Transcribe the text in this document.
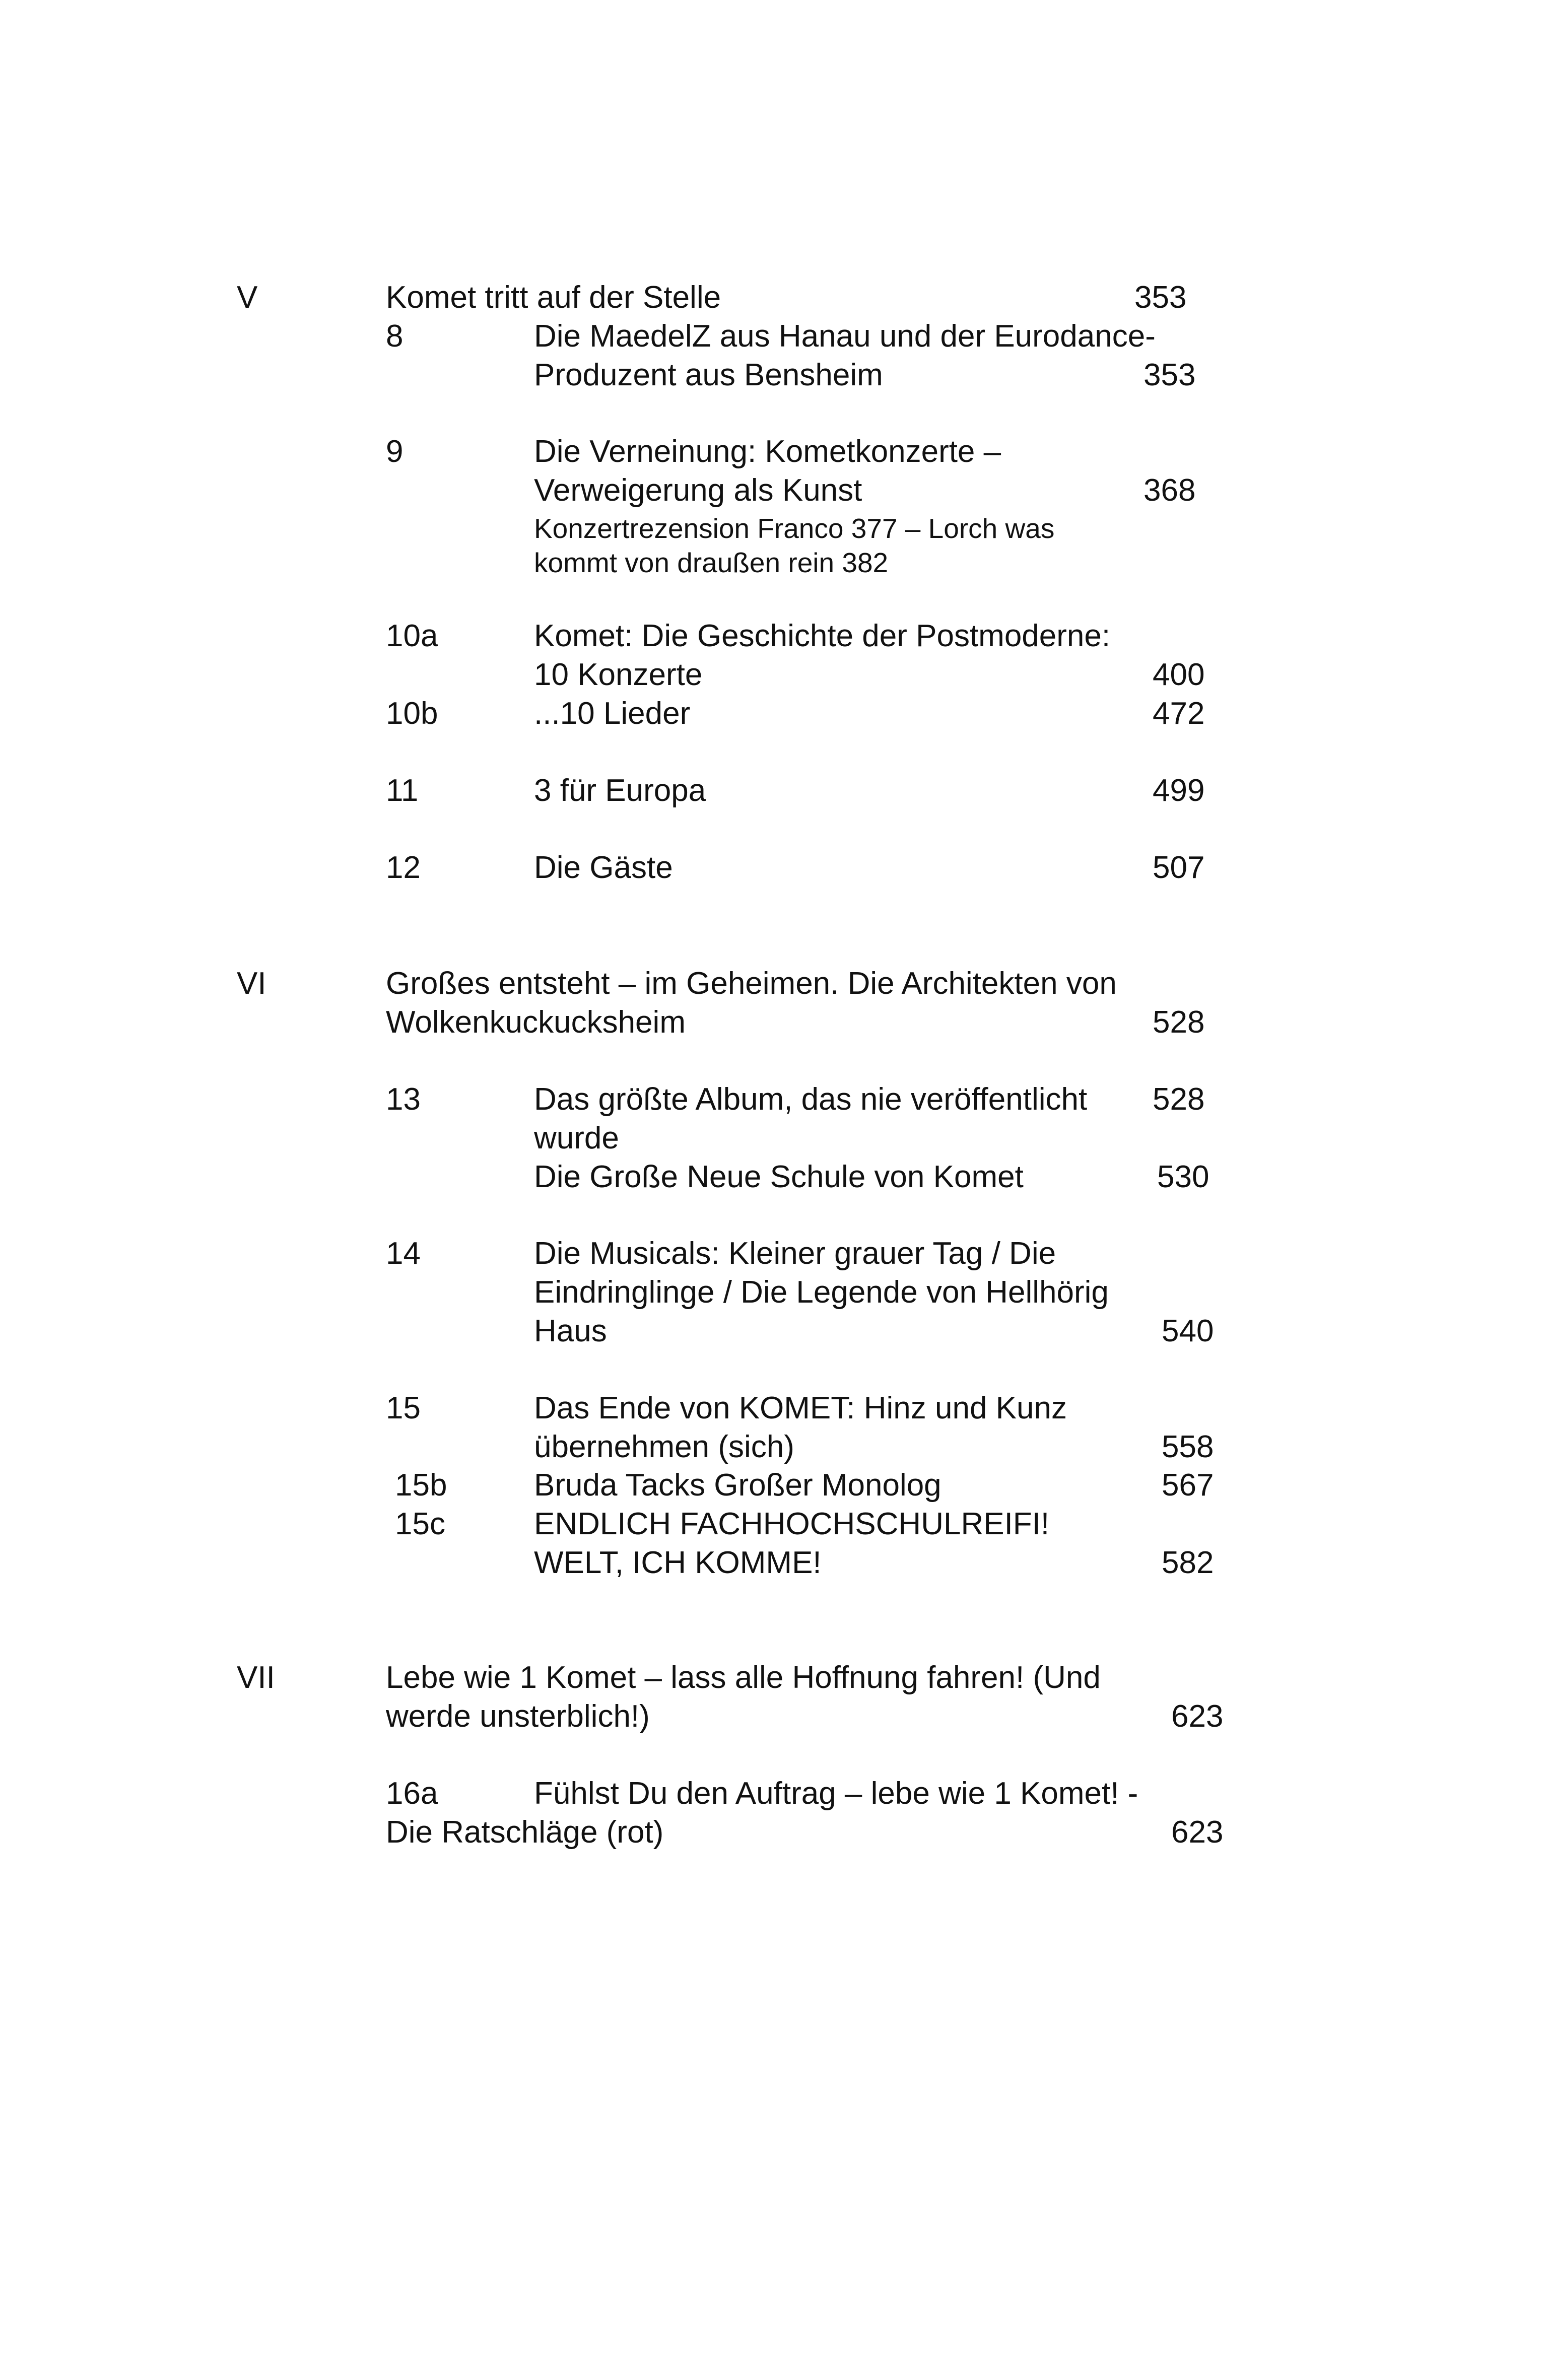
V	Komet tritt auf der Stelle	353
8	Die MaedelZ aus Hanau und der Eurodance-
Produzent aus Bensheim	353
9	Die Verneinung: Kometkonzerte –
Verweigerung als Kunst	368
Konzertrezension Franco 377 – Lorch was
kommt von draußen rein 382
10a	Komet: Die Geschichte der Postmoderne:
10 Konzerte	400
10b	...10 Lieder	472
11	3 für Europa	499
12	Die Gäste	507
VI	Großes entsteht – im Geheimen. Die Architekten von
Wolkenkuckucksheim	528
13	Das größte Album, das nie veröffentlicht 528
wurde
Die Große Neue Schule von Komet	530
14	Die Musicals: Kleiner grauer Tag / Die
Eindringlinge / Die Legende von Hellhörig
Haus	540
15	Das Ende von KOMET: Hinz und Kunz
übernehmen (sich)	558
15b	Bruda Tacks Großer Monolog	567
15c	ENDLICH FACHHOCHSCHULREIFI!
WELT, ICH KOMME!	582
VII	Lebe wie 1 Komet – lass alle Hoffnung fahren! (Und
werde unsterblich!)	623
16a	Fühlst Du den Auftrag – lebe wie 1 Komet! -
Die Ratschläge (rot)	623
